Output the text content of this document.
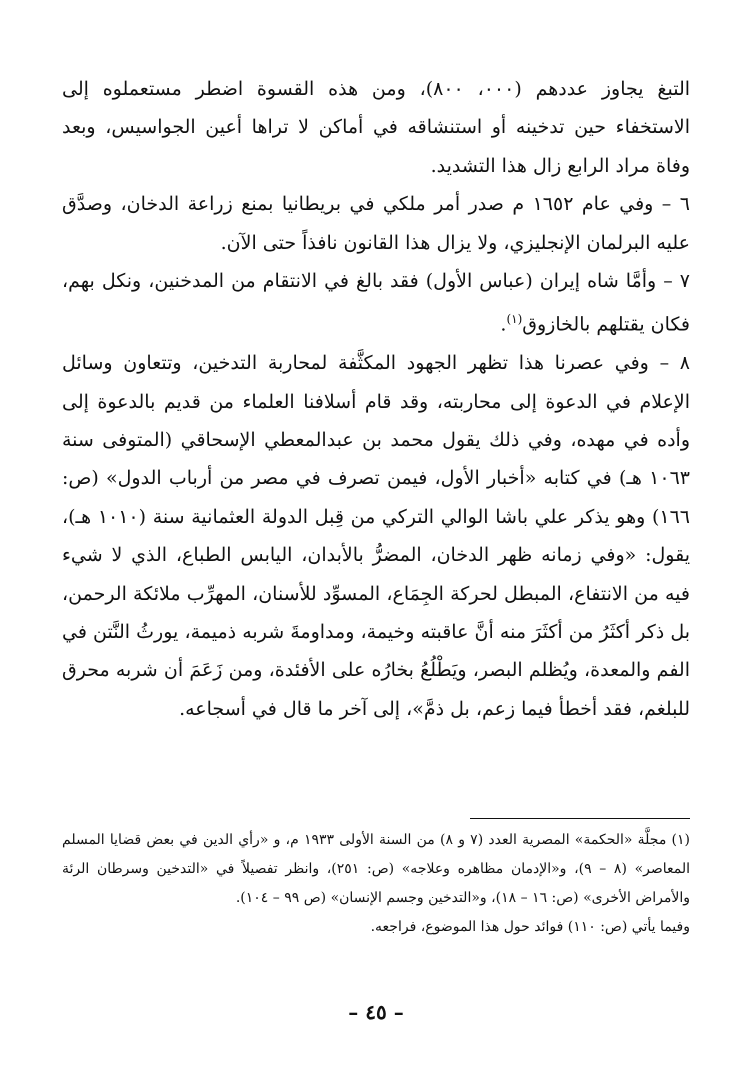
التبغ يجاوز عددهم (٠٠٠، ٨٠٠)، ومن هذه القسوة اضطر مستعملوه إلى الاستخفاء حين تدخينه أو استنشاقه في أماكن لا تراها أعين الجواسيس، وبعد وفاة مراد الرابع زال هذا التشديد.

٦ – وفي عام ١٦٥٢ م صدر أمر ملكي في بريطانيا بمنع زراعة الدخان، وصدَّق عليه البرلمان الإنجليزي، ولا يزال هذا القانون نافذاً حتى الآن.

٧ – وأمَّا شاه إيران (عباس الأول) فقد بالغ في الانتقام من المدخنين، ونكل بهم، فكان يقتلهم بالخازوق$^{(١)}$.

٨ – وفي عصرنا هذا تظهر الجهود المكثَّفة لمحاربة التدخين، وتتعاون وسائل الإعلام في الدعوة إلى محاربته، وقد قام أسلافنا العلماء من قديم بالدعوة إلى وأده في مهده، وفي ذلك يقول محمد بن عبدالمعطي الإسحاقي (المتوفى سنة ١٠٦٣ هـ) في كتابه «أخبار الأول، فيمن تصرف في مصر من أرباب الدول» (ص: ١٦٦) وهو يذكر علي باشا الوالي التركي من قِبل الدولة العثمانية سنة (١٠١٠ هـ)، يقول: «وفي زمانه ظهر الدخان، المضرُّ بالأبدان، اليابس الطباع، الذي لا شيء فيه من الانتفاع، المبطل لحركة الجِمَاع، المسوِّد للأسنان، المهرِّب ملائكة الرحمن، بل ذكر أكثَرُ من أكثَرَ منه أنَّ عاقبته وخيمة، ومداومةَ شربه ذميمة، يورثُ النَّتن في الفم والمعدة، ويُظلم البصر، ويَطْلُعُ بخارُه على الأفئدة، ومن زَعَمَ أن شربه محرق للبلغم، فقد أخطأ فيما زعم، بل ذمَّ»، إلى آخر ما قال في أسجاعه.

(١) مجلَّة «الحكمة» المصرية العدد (٧ و ٨) من السنة الأولى ١٩٣٣ م، و «رأي الدين في بعض قضايا المسلم المعاصر» (٨ – ٩)، و«الإدمان مظاهره وعلاجه» (ص: ٢٥١)، وانظر تفصيلاً في «التدخين وسرطان الرئة والأمراض الأخرى» (ص: ١٦ – ١٨)، و«التدخين وجسم الإنسان» (ص ٩٩ – ١٠٤).

وفيما يأتي (ص: ١١٠) فوائد حول هذا الموضوع، فراجعه.

– ٤٥ –
